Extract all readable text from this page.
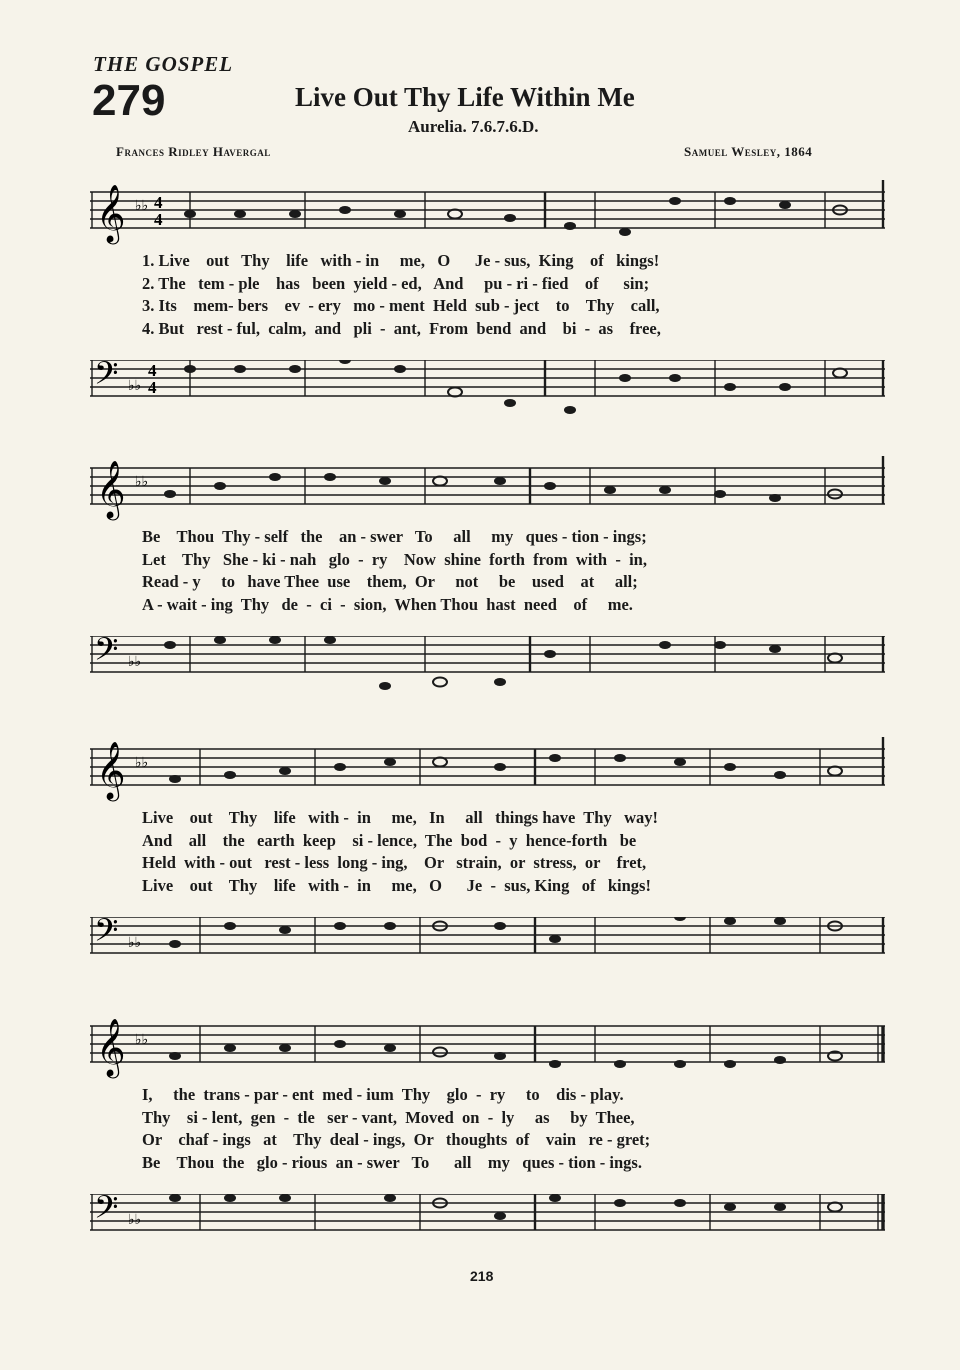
THE GOSPEL
279	Live Out Thy Life Within Me
Aurelia. 7.6.7.6.D.
Frances Ridley Havergal	Samuel Wesley, 1864
𝄞 ♭♭ 4
4
1. Live    out   Thy    life   with - in     me,   O      Je - sus,  King    of   kings!
2. The   tem - ple    has   been  yield - ed,   And     pu - ri - fied    of      sin;
3. Its    mem- bers    ev  - ery   mo - ment  Held  sub - ject    to    Thy    call,
4. But   rest - ful,  calm,  and   pli  -  ant,  From  bend  and    bi  -  as    free,
𝄢 ♭♭
4
4
𝄞 ♭♭
Be    Thou  Thy - self   the    an - swer   To     all     my   ques - tion - ings;
Let    Thy   She - ki - nah   glo  -  ry    Now  shine  forth  from  with  -  in,
Read - y     to   have Thee  use    them,  Or     not     be    used    at     all;
A - wait - ing  Thy   de  -  ci  -  sion,  When Thou  hast  need    of     me.
𝄢 ♭♭
𝄞 ♭♭
Live    out    Thy    life   with -  in     me,   In     all   things have  Thy   way!
And    all    the   earth  keep    si - lence,  The  bod  -  y  hence-forth   be
Held  with - out   rest - less  long - ing,    Or   strain,  or  stress,  or    fret,
Live    out    Thy    life   with -  in     me,   O      Je  -  sus, King   of   kings!
𝄢 ♭♭
𝄞 ♭♭
I,     the  trans - par - ent  med - ium  Thy    glo  -  ry     to    dis - play.
Thy    si - lent,  gen  -  tle   ser - vant,  Moved  on  -  ly     as     by  Thee,
Or    chaf - ings   at    Thy  deal - ings,  Or   thoughts  of    vain   re - gret;
Be    Thou  the   glo - rious  an - swer   To      all    my   ques - tion - ings.
𝄢 ♭♭
218
